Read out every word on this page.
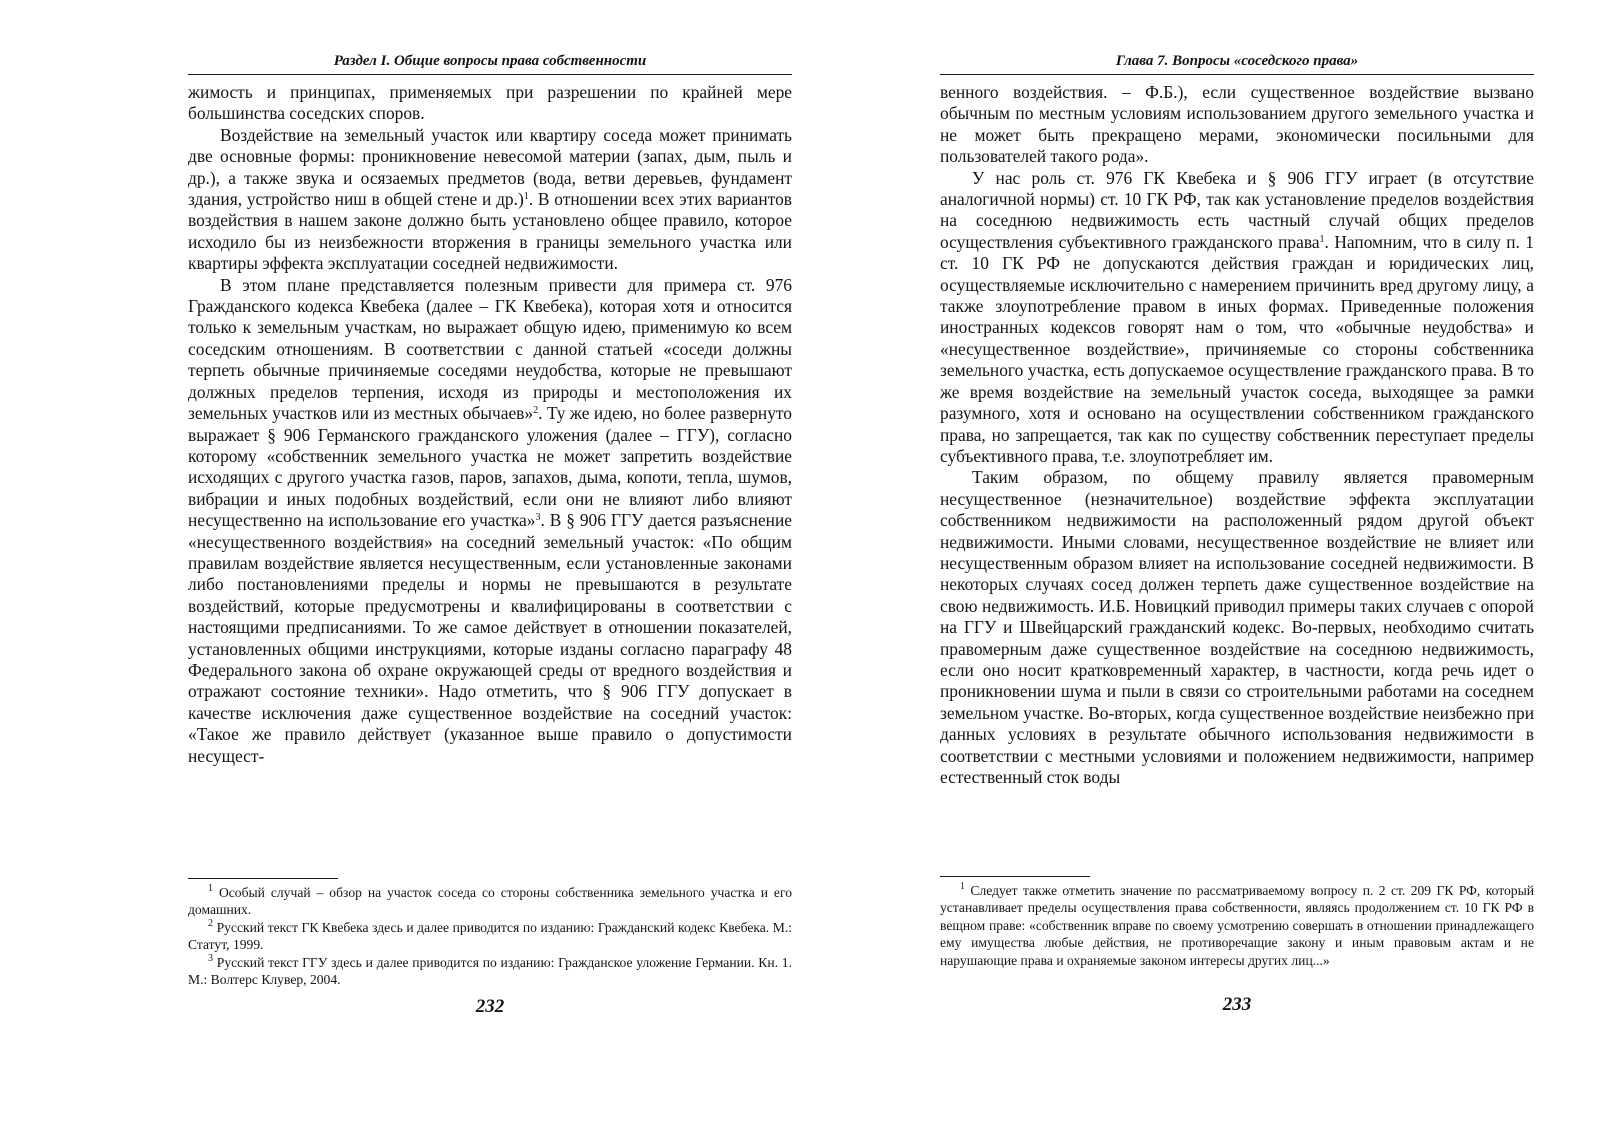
Раздел I. Общие вопросы права собственности

жимость и принципах, применяемых при разрешении по крайней мере большинства соседских споров.

Воздействие на земельный участок или квартиру соседа может принимать две основные формы: проникновение невесомой материи (запах, дым, пыль и др.), а также звука и осязаемых предметов (вода, ветви деревьев, фундамент здания, устройство ниш в общей стене и др.)$^1$. В отношении всех этих вариантов воздействия в нашем законе должно быть установлено общее правило, которое исходило бы из неизбежности вторжения в границы земельного участка или квартиры эффекта эксплуатации соседней недвижимости.

В этом плане представляется полезным привести для примера ст. 976 Гражданского кодекса Квебека (далее – ГК Квебека), которая хотя и относится только к земельным участкам, но выражает общую идею, применимую ко всем соседским отношениям. В соответствии с данной статьей «соседи должны терпеть обычные причиняемые соседями неудобства, которые не превышают должных пределов терпения, исходя из природы и местоположения их земельных участков или из местных обычаев»$^2$. Ту же идею, но более развернуто выражает § 906 Германского гражданского уложения (далее – ГГУ), согласно которому «собственник земельного участка не может запретить воздействие исходящих с другого участка газов, паров, запахов, дыма, копоти, тепла, шумов, вибрации и иных подобных воздействий, если они не влияют либо влияют несущественно на использование его участка»$^3$. В § 906 ГГУ дается разъяснение «несущественного воздействия» на соседний земельный участок: «По общим правилам воздействие является несущественным, если установленные законами либо постановлениями пределы и нормы не превышаются в результате воздействий, которые предусмотрены и квалифицированы в соответствии с настоящими предписаниями. То же самое действует в отношении показателей, установленных общими инструкциями, которые изданы согласно параграфу 48 Федерального закона об охране окружающей среды от вредного воздействия и отражают состояние техники». Надо отметить, что § 906 ГГУ допускает в качестве исключения даже существенное воздействие на соседний участок: «Такое же правило действует (указанное выше правило о допустимости несущест-

$^1$ Особый случай – обзор на участок соседа со стороны собственника земельного участка и его домашних.

$^2$ Русский текст ГК Квебека здесь и далее приводится по изданию: Гражданский кодекс Квебека. М.: Статут, 1999.

$^3$ Русский текст ГГУ здесь и далее приводится по изданию: Гражданское уложение Германии. Кн. 1. М.: Волтерс Клувер, 2004.

232
Глава 7. Вопросы «соседского права»

венного воздействия. – Ф.Б.), если существенное воздействие вызвано обычным по местным условиям использованием другого земельного участка и не может быть прекращено мерами, экономически посильными для пользователей такого рода».

У нас роль ст. 976 ГК Квебека и § 906 ГГУ играет (в отсутствие аналогичной нормы) ст. 10 ГК РФ, так как установление пределов воздействия на соседнюю недвижимость есть частный случай общих пределов осуществления субъективного гражданского права$^1$. Напомним, что в силу п. 1 ст. 10 ГК РФ не допускаются действия граждан и юридических лиц, осуществляемые исключительно с намерением причинить вред другому лицу, а также злоупотребление правом в иных формах. Приведенные положения иностранных кодексов говорят нам о том, что «обычные неудобства» и «несущественное воздействие», причиняемые со стороны собственника земельного участка, есть допускаемое осуществление гражданского права. В то же время воздействие на земельный участок соседа, выходящее за рамки разумного, хотя и основано на осуществлении собственником гражданского права, но запрещается, так как по существу собственник переступает пределы субъективного права, т.е. злоупотребляет им.

Таким образом, по общему правилу является правомерным несущественное (незначительное) воздействие эффекта эксплуатации собственником недвижимости на расположенный рядом другой объект недвижимости. Иными словами, несущественное воздействие не влияет или несущественным образом влияет на использование соседней недвижимости. В некоторых случаях сосед должен терпеть даже существенное воздействие на свою недвижимость. И.Б. Новицкий приводил примеры таких случаев с опорой на ГГУ и Швейцарский гражданский кодекс. Во-первых, необходимо считать правомерным даже существенное воздействие на соседнюю недвижимость, если оно носит кратковременный характер, в частности, когда речь идет о проникновении шума и пыли в связи со строительными работами на соседнем земельном участке. Во-вторых, когда существенное воздействие неизбежно при данных условиях в результате обычного использования недвижимости в соответствии с местными условиями и положением недвижимости, например естественный сток воды

$^1$ Следует также отметить значение по рассматриваемому вопросу п. 2 ст. 209 ГК РФ, который устанавливает пределы осуществления права собственности, являясь продолжением ст. 10 ГК РФ в вещном праве: «собственник вправе по своему усмотрению совершать в отношении принадлежащего ему имущества любые действия, не противоречащие закону и иным правовым актам и не нарушающие права и охраняемые законом интересы других лиц...»

233
